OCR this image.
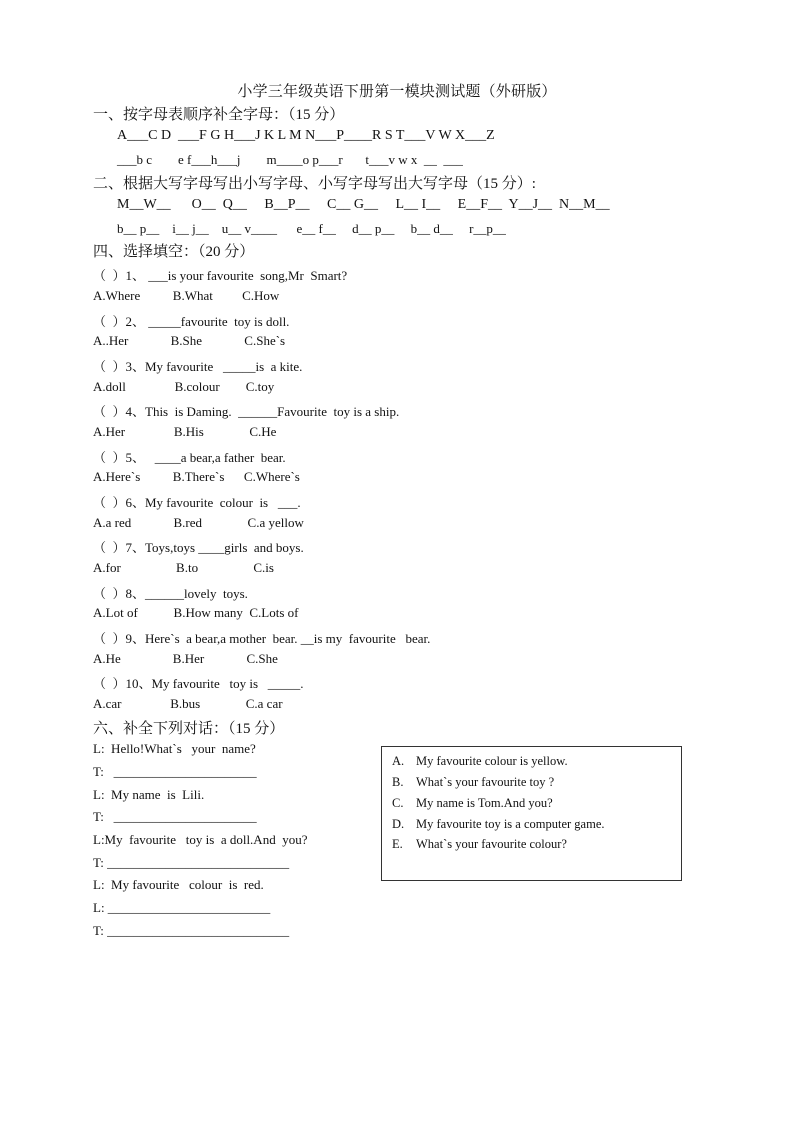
小学三年级英语下册第一模块测试题（外研版）
一、按字母表顺序补全字母：（15 分）
A___C D  ___F G H___J K L M N___P____R S T___V W X___Z
___b c        e f___h___j        m____o p___r       t___v w x  __  ___
二、根据大写字母写出小写字母、小写字母写出大写字母（15 分）:
M__W__      O__  Q__     B__P__     C__ G__     L__ I__     E__F__  Y__J__  N__M__
b__ p__    i__ j__    u__ v____      e__ f__     d__ p__     b__ d__     r__p__
四、选择填空：（20 分）
（  ）1、 ___is your favourite  song,Mr  Smart?
A.Where          B.What         C.How
（  ）2、 _____favourite  toy is doll.
A..Her             B.She             C.She`s
（  ）3、My favourite   _____is  a kite.
A.doll               B.colour        C.toy
（  ）4、This  is Daming.  ______Favourite  toy is a ship.
A.Her               B.His              C.He
（  ）5、   ____a bear,a father  bear.
A.Here`s          B.There`s      C.Where`s
（  ）6、My favourite  colour  is   ___.
A.a red             B.red              C.a yellow
（  ）7、Toys,toys ____girls  and boys.
A.for                 B.to                 C.is
（  ）8、______lovely  toys.
A.Lot of           B.How many  C.Lots of
（  ）9、Here`s  a bear,a mother  bear. __is my  favourite   bear.
A.He                B.Her             C.She
（  ）10、My favourite   toy is   _____.
A.car               B.bus              C.a car
六、补全下列对话：（15 分）
L:  Hello!What`s   your  name?
T:   ______________________
L:  My name  is  Lili.
T:   ______________________
L:My  favourite   toy is  a doll.And  you?
T: ____________________________
L:  My favourite   colour  is  red.
L: _________________________
T: ____________________________
A. My favourite colour is yellow.
B. What`s your favourite toy ?
C. My name is Tom.And you?
D. My favourite toy is a computer game.
E. What`s your favourite colour?
